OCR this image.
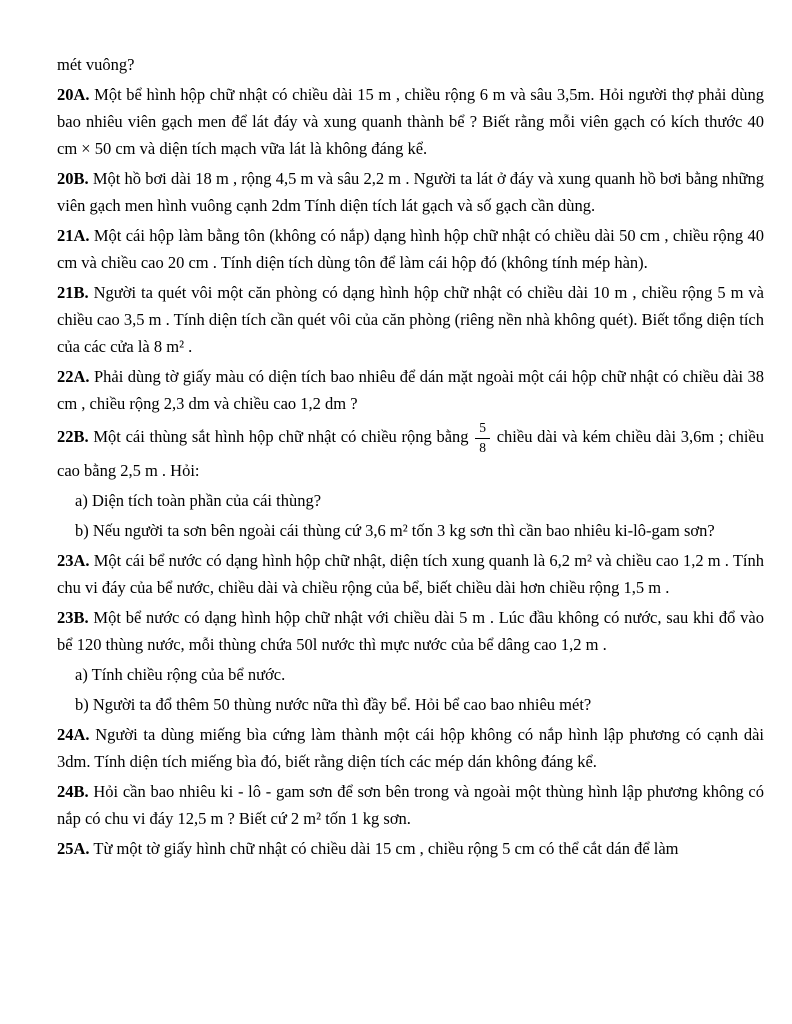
mét vuông?

20A. Một bể hình hộp chữ nhật có chiều dài 15 m , chiều rộng 6 m và sâu 3,5m. Hỏi người thợ phải dùng bao nhiêu viên gạch men để lát đáy và xung quanh thành bể ? Biết rằng mỗi viên gạch có kích thước 40 cm × 50 cm và diện tích mạch vữa lát là không đáng kể.

20B. Một hồ bơi dài 18 m , rộng 4,5 m và sâu 2,2 m . Người ta lát ở đáy và xung quanh hồ bơi bằng những viên gạch men hình vuông cạnh 2dm Tính diện tích lát gạch và số gạch cần dùng.

21A. Một cái hộp làm bằng tôn (không có nắp) dạng hình hộp chữ nhật có chiều dài 50 cm , chiều rộng 40 cm và chiều cao 20 cm . Tính diện tích dùng tôn để làm cái hộp đó (không tính mép hàn).

21B. Người ta quét vôi một căn phòng có dạng hình hộp chữ nhật có chiều dài 10 m , chiều rộng 5 m và chiều cao 3,5 m . Tính diện tích cần quét vôi của căn phòng (riêng nền nhà không quét). Biết tổng diện tích của các cửa là 8 m² .

22A. Phải dùng tờ giấy màu có diện tích bao nhiêu để dán mặt ngoài một cái hộp chữ nhật có chiều dài 38 cm , chiều rộng 2,3 dm và chiều cao 1,2 dm ?

22B. Một cái thùng sắt hình hộp chữ nhật có chiều rộng bằng $\frac{5}{8}$ chiều dài và kém chiều dài 3,6m ; chiều cao bằng 2,5 m . Hỏi:

a) Diện tích toàn phần của cái thùng?

b) Nếu người ta sơn bên ngoài cái thùng cứ 3,6 m² tốn 3 kg sơn thì cần bao nhiêu ki-lô-gam sơn?

23A. Một cái bể nước có dạng hình hộp chữ nhật, diện tích xung quanh là 6,2 m² và chiều cao 1,2 m . Tính chu vi đáy của bể nước, chiều dài và chiều rộng của bể, biết chiều dài hơn chiều rộng 1,5 m .

23B. Một bể nước có dạng hình hộp chữ nhật với chiều dài 5 m . Lúc đầu không có nước, sau khi đổ vào bể 120 thùng nước, mỗi thùng chứa 50l nước thì mực nước của bể dâng cao 1,2 m .

a) Tính chiều rộng của bể nước.

b) Người ta đổ thêm 50 thùng nước nữa thì đầy bể. Hỏi bể cao bao nhiêu mét?

24A. Người ta dùng miếng bìa cứng làm thành một cái hộp không có nắp hình lập phương có cạnh dài 3dm. Tính diện tích miếng bìa đó, biết rằng diện tích các mép dán không đáng kể.

24B. Hỏi cần bao nhiêu ki - lô - gam sơn để sơn bên trong và ngoài một thùng hình lập phương không có nắp có chu vi đáy 12,5 m ? Biết cứ 2 m² tốn 1 kg sơn.

25A. Từ một tờ giấy hình chữ nhật có chiều dài 15 cm , chiều rộng 5 cm có thể cắt dán để làm
